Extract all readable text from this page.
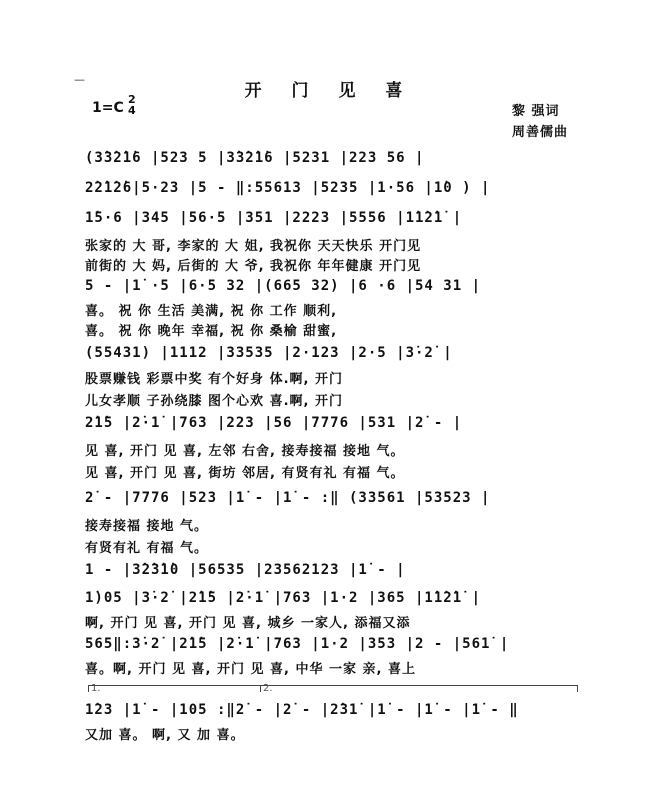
—
开 门 见 喜
1=C
2
4	黎 强词
周善儒曲
(3̇3̇2̇1̇6 |523 5 |3̇3̇2̇1̇6 |5231 |223 56 |
2̇2̇1̇2̇6|5·23 |5 - ‖:55613 |5235 |1·56 |1̇0 ) |
1̇5·6 |345 |56·5 |351 |2223 |5556 |1̇1̇2̇1̇ |
张家的 大 哥, 李家的 大 姐, 我祝你 天天快乐 开门见
前街的 大 妈, 后街的 大 爷, 我祝你 年年健康 开门见
5 - |1̇ ·5 |6·5 32 |(665 32) |6 ·6 |54 31 |
喜。 祝 你 生活 美满, 祝 你 工作 顺利,
喜。 祝 你 晚年 幸福, 祝 你 桑榆 甜蜜,
(55431) |1112 |33535 |2·123 |2·5 |3̇·2̇ |
股票赚钱 彩票中奖 有个好身 体.啊, 开门
儿女孝顺 子孙绕膝 图个心欢 喜.啊, 开门
2̇1̇5 |2̇·1̇ |763 |223 |56 |7776 |531 |2̇ - |
见 喜, 开门 见 喜, 左邻 右舍, 接寿接福 接地 气。
见 喜, 开门 见 喜, 街坊 邻居, 有贤有礼 有福 气。
2̇ - |7776 |523 |1̇ - |1̇ - :‖ (33561 |53523 |
接寿接福 接地 气。
有贤有礼 有福 气。
1 - |3̇2̇3̇1̇0 |56535 |23562123 |1̇ - |
1̇)05 |3̇·2̇ |2̇1̇5 |2̇·1̇ |763 |1·2 |365 |1̇1̇2̇1̇ |
啊, 开门 见 喜, 开门 见 喜, 城乡 一家人, 添福又添
565‖:3̇·2̇ |2̇1̇5 |2̇·1̇ |763 |1·2 |353 |2 - |561̇ |
喜。啊, 开门 见 喜, 开门 见 喜, 中华 一家 亲, 喜上
1.	2.
1̇23 |1̇ - |105 :‖2̇ - |2̇ - |2̇31̇ |1̇ - |1̇ - |1̇ - ‖
又加 喜。 啊, 又 加 喜。
